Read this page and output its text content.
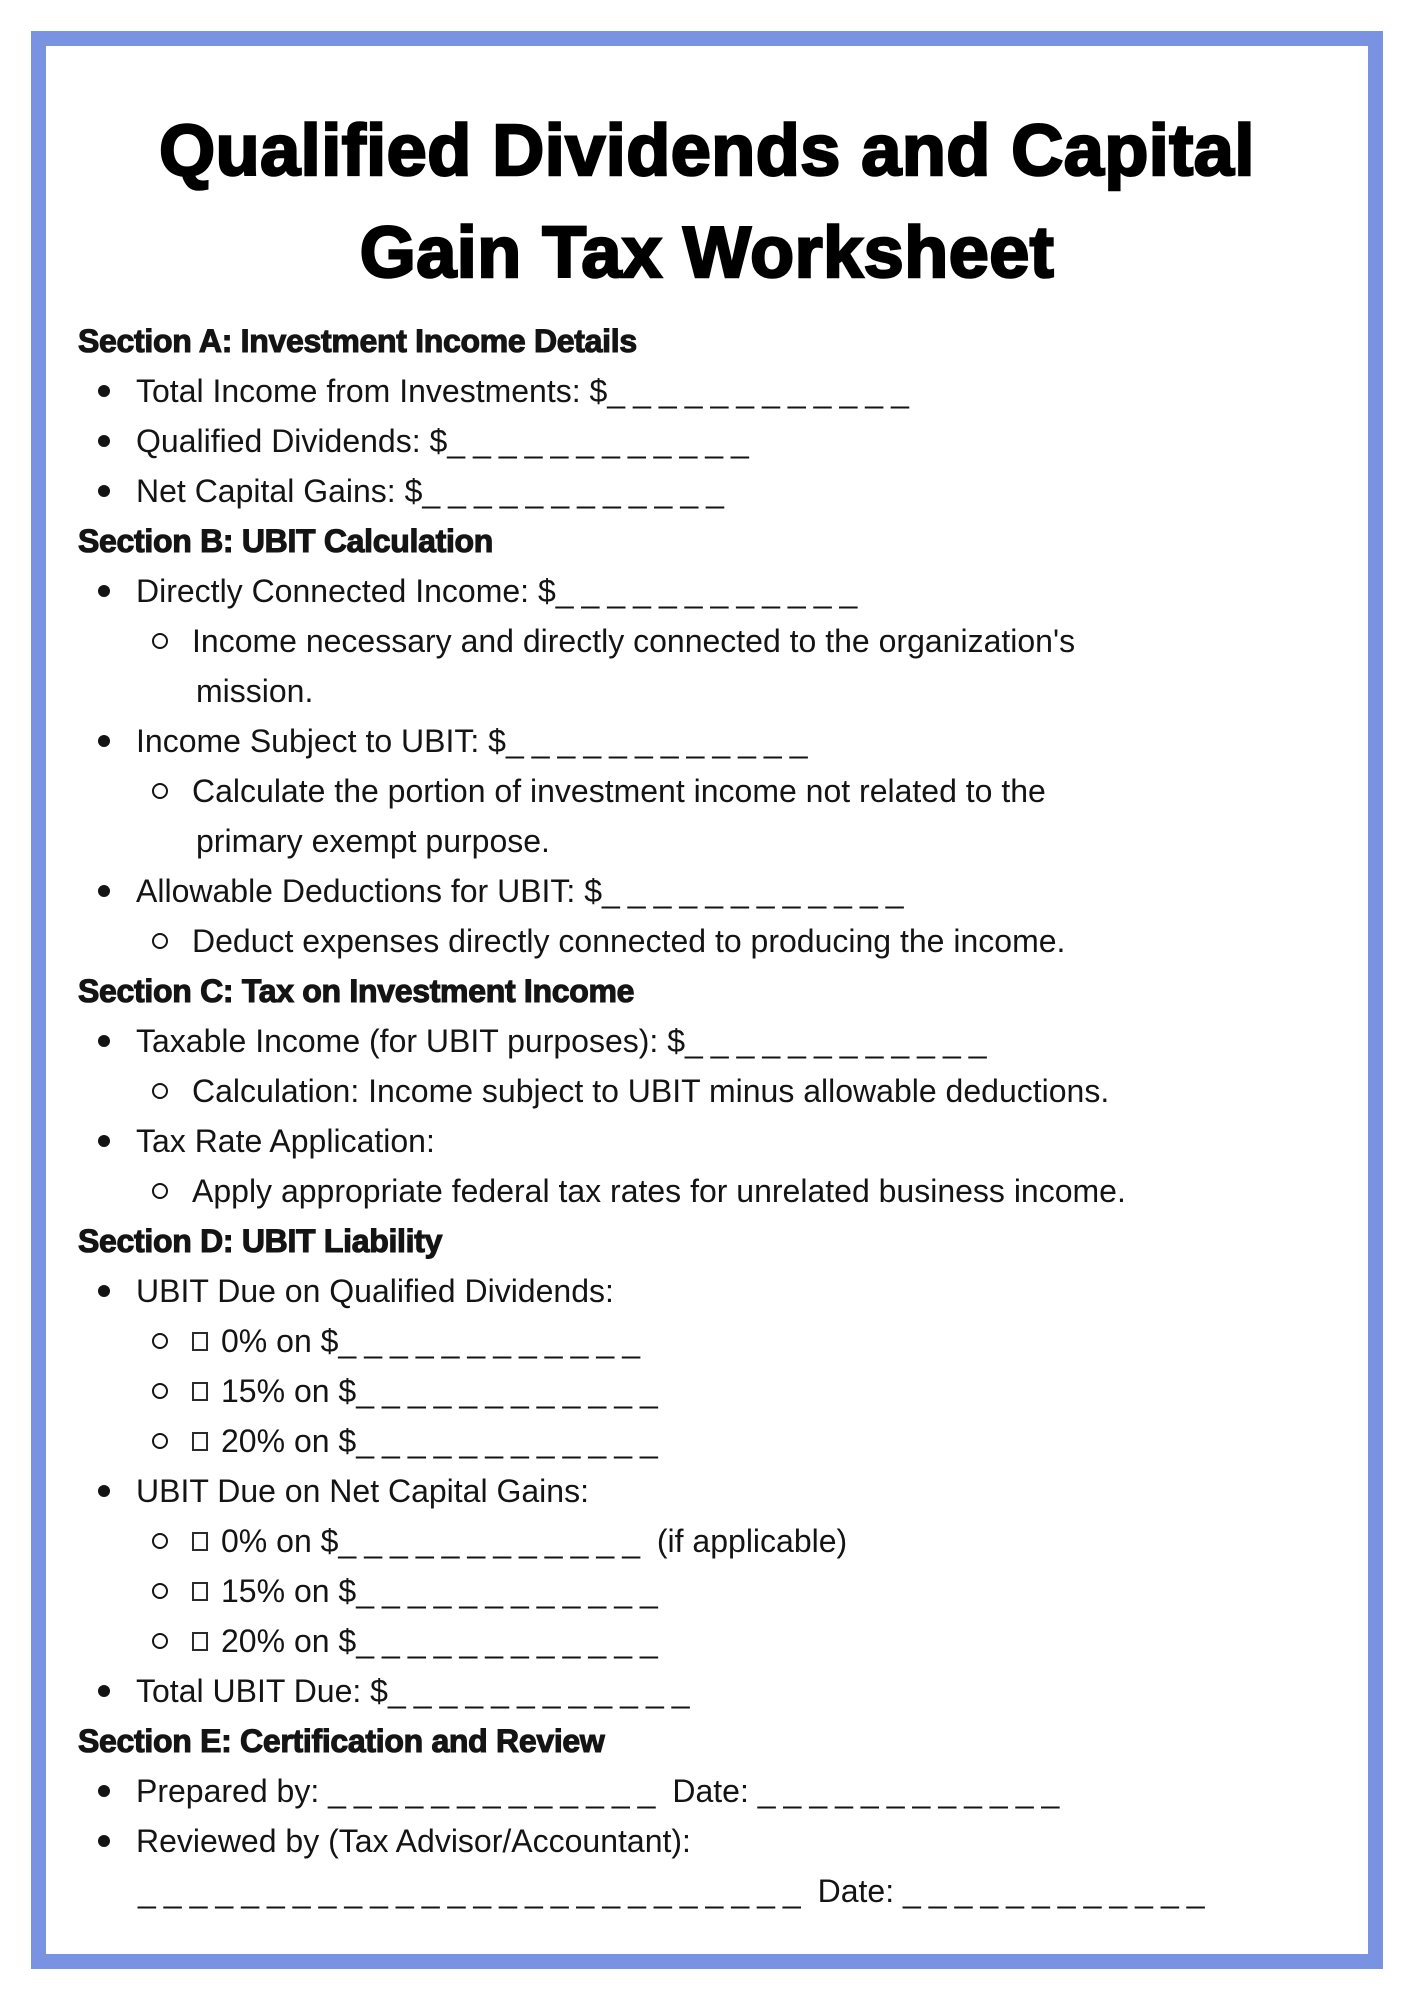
Qualified Dividends and Capital
Gain Tax Worksheet
Section A: Investment Income Details
Total Income from Investments: $____________
Qualified Dividends: $____________
Net Capital Gains: $____________
Section B: UBIT Calculation
Directly Connected Income: $____________
Income necessary and directly connected to the organization's
mission.
Income Subject to UBIT: $____________
Calculate the portion of investment income not related to the
primary exempt purpose.
Allowable Deductions for UBIT: $____________
Deduct expenses directly connected to producing the income.
Section C: Tax on Investment Income
Taxable Income (for UBIT purposes): $____________
Calculation: Income subject to UBIT minus allowable deductions.
Tax Rate Application:
Apply appropriate federal tax rates for unrelated business income.
Section D: UBIT Liability
UBIT Due on Qualified Dividends:
0% on $____________
15% on $____________
20% on $____________
UBIT Due on Net Capital Gains:
0% on $____________ (if applicable)
15% on $____________
20% on $____________
Total UBIT Due: $____________
Section E: Certification and Review
Prepared by: _____________ Date: ____________
Reviewed by (Tax Advisor/Accountant):
__________________________ Date: ____________
